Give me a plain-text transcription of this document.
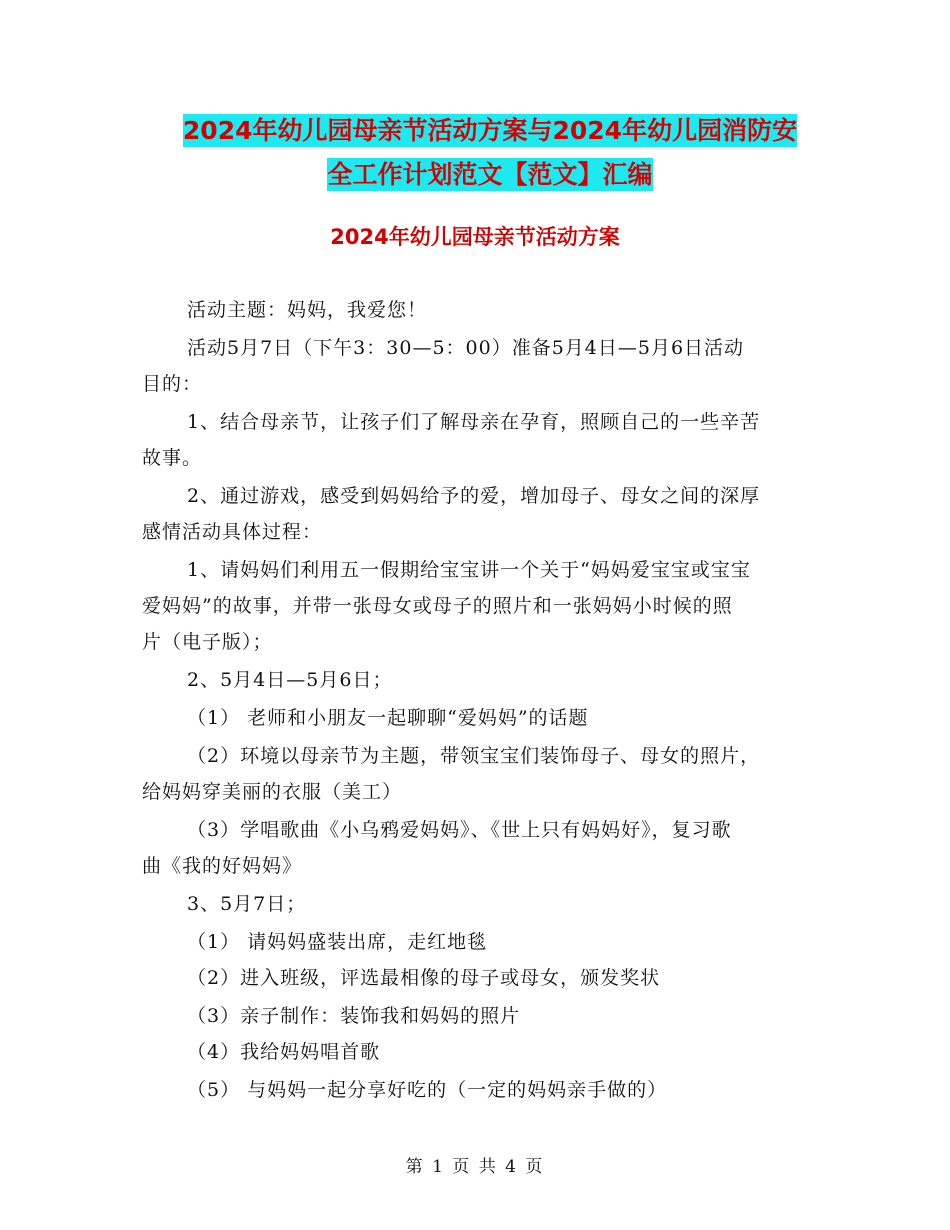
2024年幼儿园母亲节活动方案与2024年幼儿园消防安
全工作计划范文【范文】汇编
2024年幼儿园母亲节活动方案
活动主题：妈妈，我爱您！
活动5月7日（下午3：30—5：00）准备5月4日—5月6日活动
目的：
1、结合母亲节，让孩子们了解母亲在孕育，照顾自己的一些辛苦
故事。
2、通过游戏，感受到妈妈给予的爱，增加母子、母女之间的深厚
感情活动具体过程：
1、请妈妈们利用五一假期给宝宝讲一个关于“妈妈爱宝宝或宝宝
爱妈妈”的故事，并带一张母女或母子的照片和一张妈妈小时候的照
片（电子版）；
2、5月4日—5月6日；
（1） 老师和小朋友一起聊聊“爱妈妈”的话题
（2）环境以母亲节为主题，带领宝宝们装饰母子、母女的照片，
给妈妈穿美丽的衣服（美工）
（3）学唱歌曲《小乌鸦爱妈妈》、《世上只有妈妈好》，复习歌
曲《我的好妈妈》
3、5月7日；
（1） 请妈妈盛装出席，走红地毯
（2）进入班级，评选最相像的母子或母女，颁发奖状
（3）亲子制作：装饰我和妈妈的照片
（4）我给妈妈唱首歌
（5） 与妈妈一起分享好吃的（一定的妈妈亲手做的）
第 1 页 共 4 页
